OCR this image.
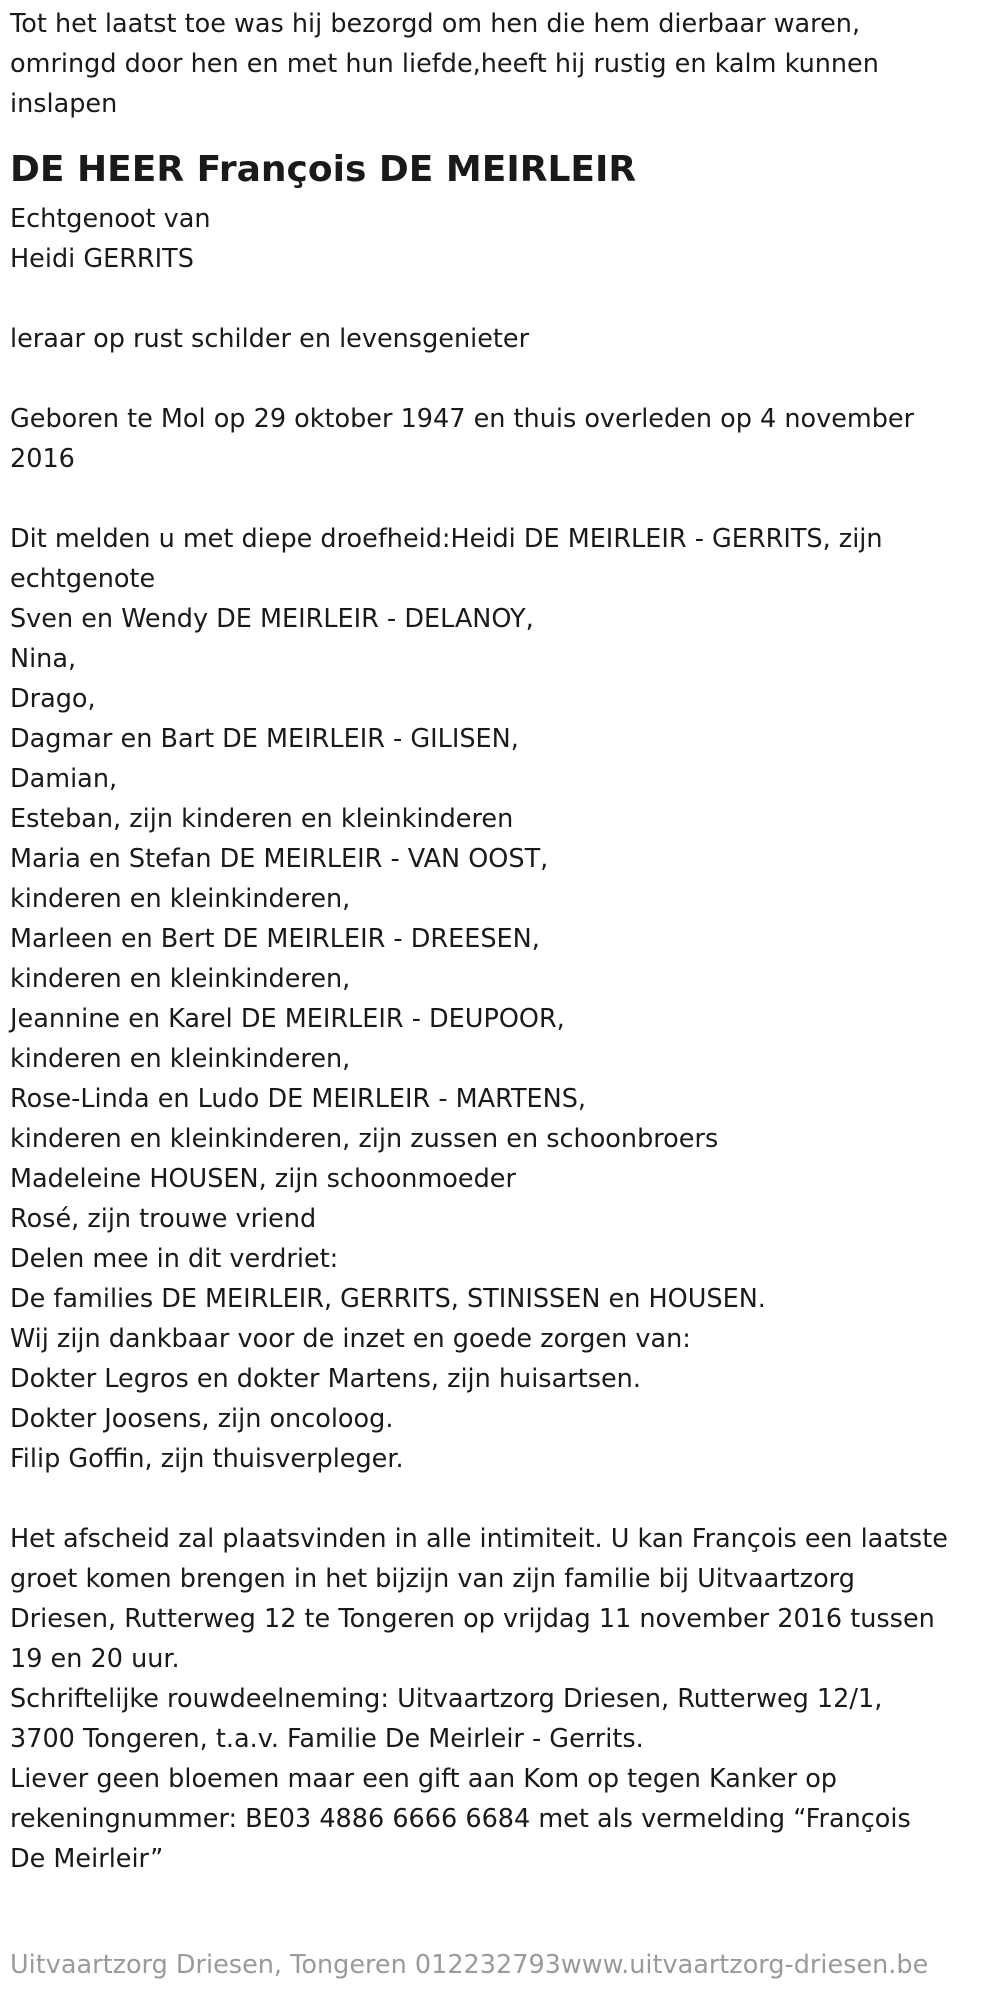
Tot het laatst toe was hij bezorgd om hen die hem dierbaar waren,
omringd door hen en met hun liefde,heeft hij rustig en kalm kunnen
inslapen
DE HEER François DE MEIRLEIR
Echtgenoot van
Heidi GERRITS
leraar op rust schilder en levensgenieter
Geboren te Mol op 29 oktober 1947 en thuis overleden op 4 november
2016
Dit melden u met diepe droefheid:Heidi DE MEIRLEIR - GERRITS, zijn
echtgenote
Sven en Wendy DE MEIRLEIR - DELANOY,
Nina,
Drago,
Dagmar en Bart DE MEIRLEIR - GILISEN,
Damian,
Esteban, zijn kinderen en kleinkinderen
Maria en Stefan DE MEIRLEIR - VAN OOST,
kinderen en kleinkinderen,
Marleen en Bert DE MEIRLEIR - DREESEN,
kinderen en kleinkinderen,
Jeannine en Karel DE MEIRLEIR - DEUPOOR,
kinderen en kleinkinderen,
Rose-Linda en Ludo DE MEIRLEIR - MARTENS,
kinderen en kleinkinderen, zijn zussen en schoonbroers
Madeleine HOUSEN, zijn schoonmoeder
Rosé, zijn trouwe vriend
Delen mee in dit verdriet:
De families DE MEIRLEIR, GERRITS, STINISSEN en HOUSEN.
Wij zijn dankbaar voor de inzet en goede zorgen van:
Dokter Legros en dokter Martens, zijn huisartsen.
Dokter Joosens, zijn oncoloog.
Filip Goffin, zijn thuisverpleger.
Het afscheid zal plaatsvinden in alle intimiteit. U kan François een laatste
groet komen brengen in het bijzijn van zijn familie bij Uitvaartzorg
Driesen, Rutterweg 12 te Tongeren op vrijdag 11 november 2016 tussen
19 en 20 uur.
Schriftelijke rouwdeelneming: Uitvaartzorg Driesen, Rutterweg 12/1,
3700 Tongeren, t.a.v. Familie De Meirleir - Gerrits.
Liever geen bloemen maar een gift aan Kom op tegen Kanker op
rekeningnummer: BE03 4886 6666 6684 met als vermelding “François
De Meirleir”
Uitvaartzorg Driesen, Tongeren 012232793www.uitvaartzorg-driesen.be
